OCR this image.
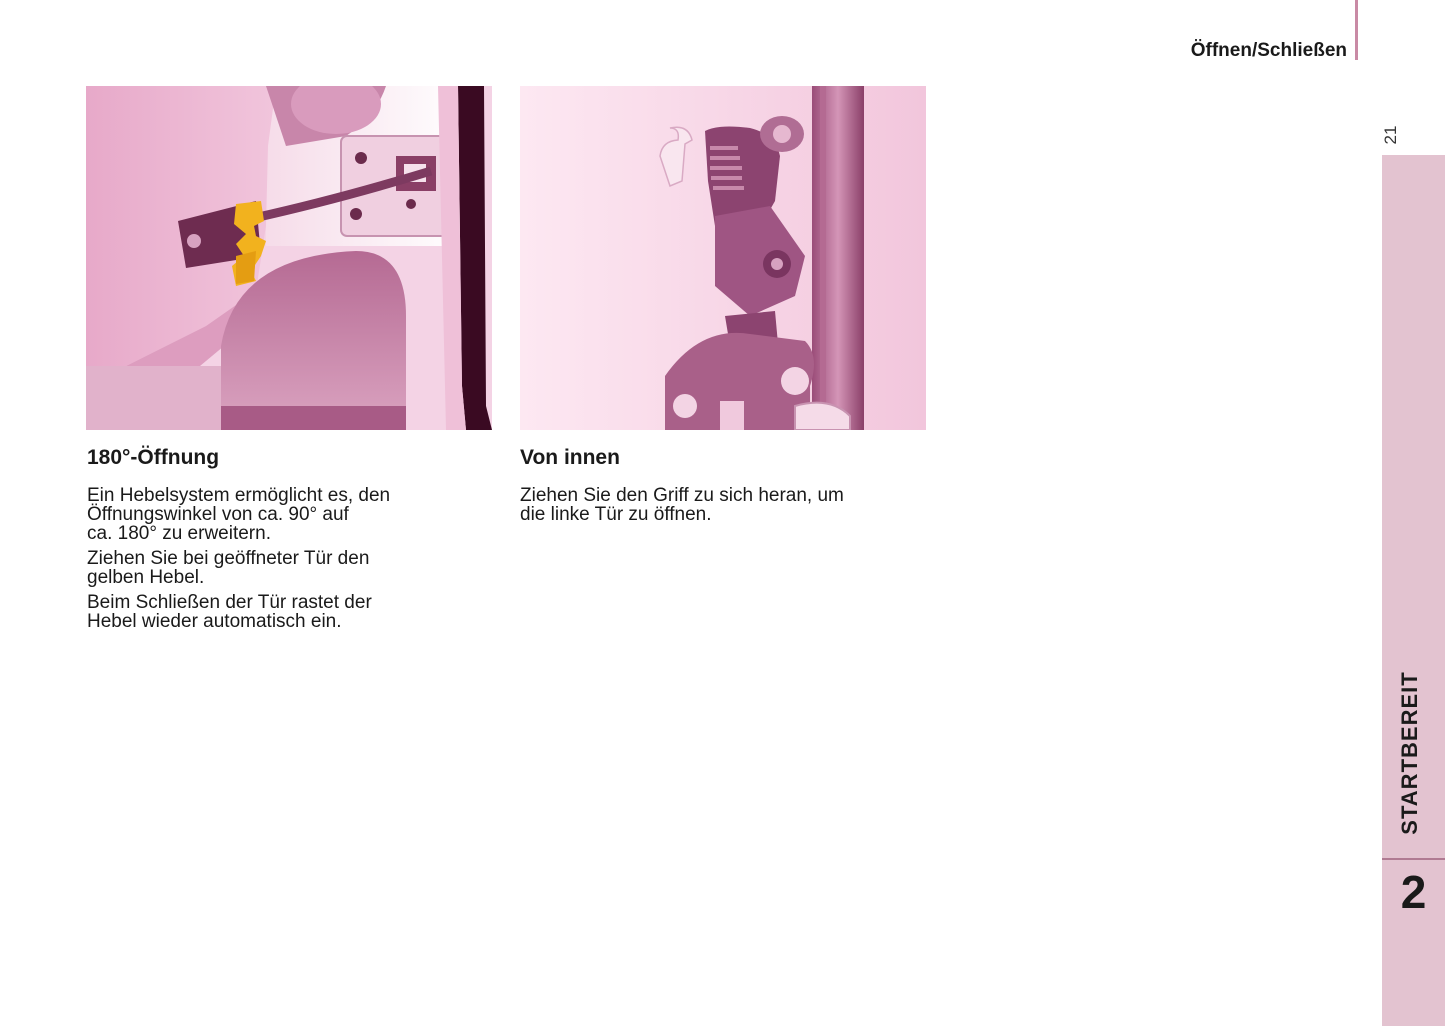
Öffnen/Schließen
21
STARTBEREIT
2
180°-Öffnung

Ein Hebelsystem ermöglicht es, den
Öffnungswinkel von ca. 90° auf
ca. 180° zu erweitern.

Ziehen Sie bei geöffneter Tür den
gelben Hebel.

Beim Schließen der Tür rastet der
Hebel wieder automatisch ein.

Von innen

Ziehen Sie den Griff zu sich heran, um
die linke Tür zu öffnen.
